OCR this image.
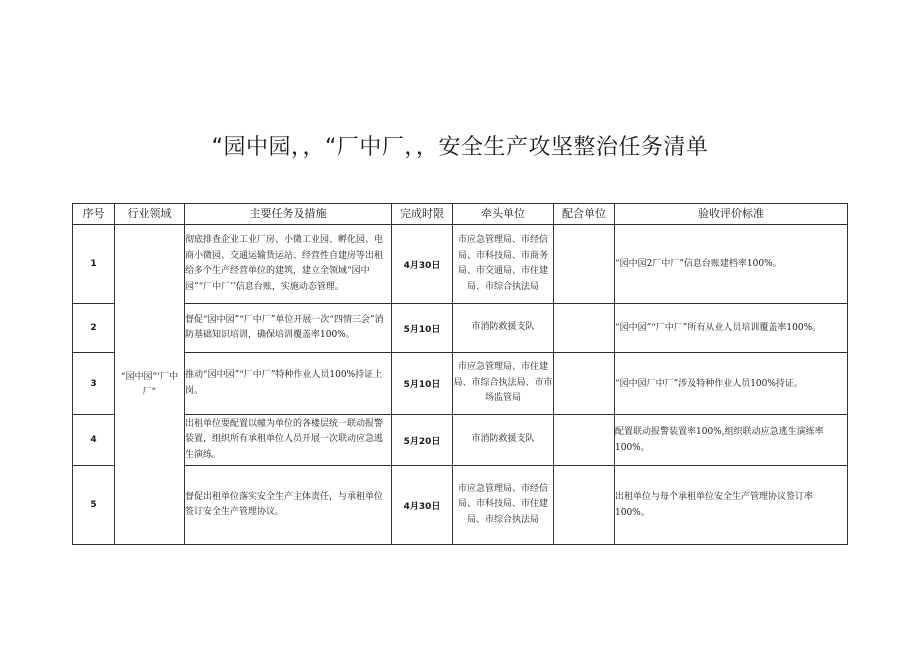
“园中园，，“厂中厂，，安全生产攻坚整治任务清单
序号	行业领域	主要任务及措施	完成时限	牵头单位	配合单位	验收评价标准
1	“园中园”‘厂中厂“	彻底排查企业工业厂房、小微工业园、孵化园、电商小微园、交通运输货运站、经营性自建房等出租给多个生产经营单位的建筑，建立全领域“园中园”“厂中厂’’信息台账，实施动态管理。	4月30日	市应急管理局、市经信局、市科技局、市商务局、市交通局、市住建局、市综合执法局		“园中园2厂中厂”信息台账建档率100%。
2		督促“园中园”“厂中厂”单位开展一次“四情三会”消防基础知识培训，确保培训覆盖率100%。	5月10日	市消防救援支队		“园中园”“厂中厂”所有从业人员培训覆盖率100%。
3		推动“园中园”“厂中厂”特种作业人员100%持证上岗。	5月10日	市应急管理局、市住建局、市综合执法局、市市场监管局		“园中园厂中厂”涉及特种作业人员100%持证。
4		出租单位要配置以幢为单位的各楼层统一联动报警装置，组织所有承租单位人员开展一次联动应急逃生演练。	5月20日	市消防救援支队		配置联动报警装置率100%,组织联动应急逃生演练率100%。
5		督促出租单位落实安全生产主体责任，与承租单位签订安全生产管理协议。	4月30日	市应急管理局、市经信局、市科技局、市住建局、市综合执法局		出租单位与每个承租单位安全生产管理协议签订率100%。
